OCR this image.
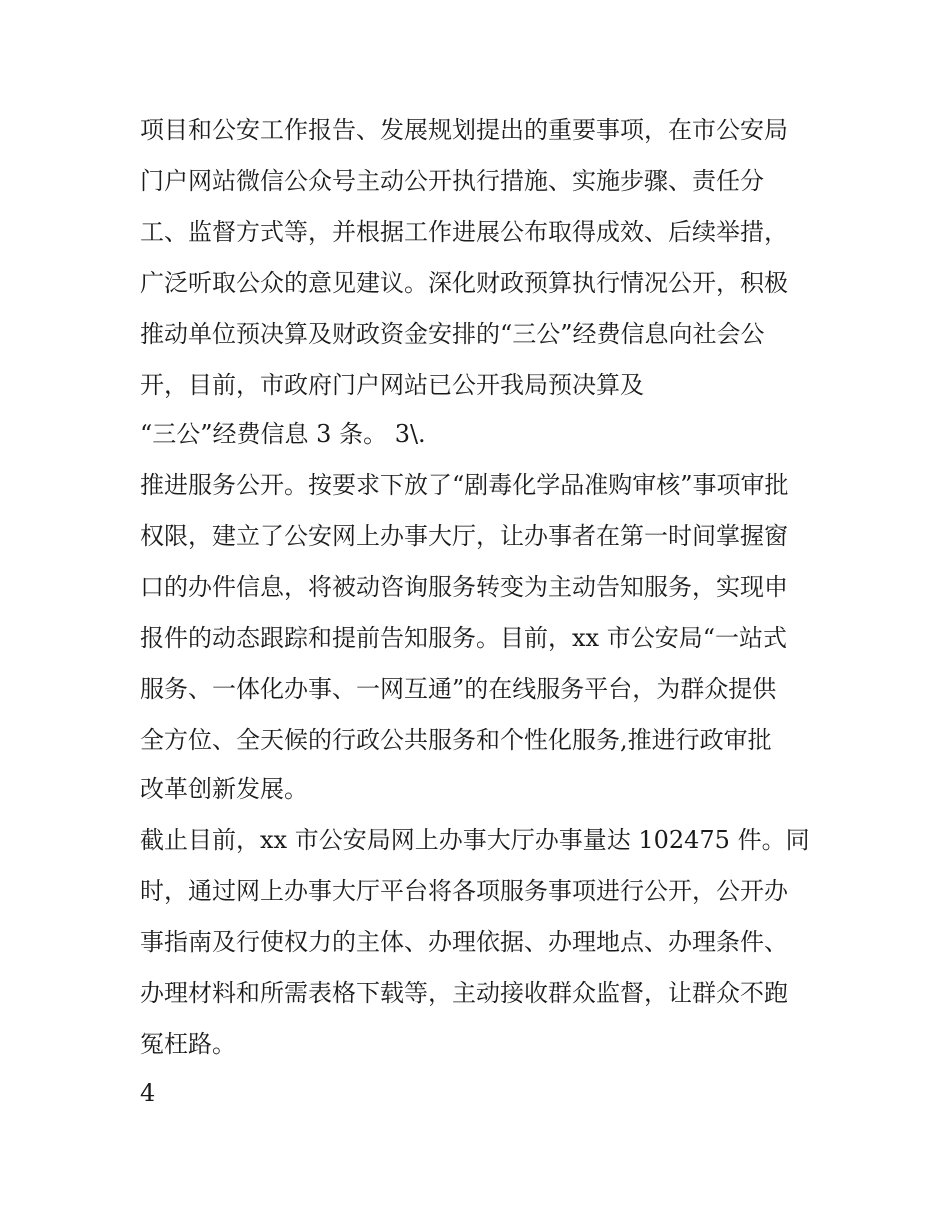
项目和公安工作报告、发展规划提出的重要事项，在市公安局
门户网站微信公众号主动公开执行措施、实施步骤、责任分
工、监督方式等，并根据工作进展公布取得成效、后续举措，
广泛听取公众的意见建议。深化财政预算执行情况公开，积极
推动单位预决算及财政资金安排的“三公”经费信息向社会公
开，目前，市政府门户网站已公开我局预决算及
“三公”经费信息 3 条。 3\.
推进服务公开。按要求下放了“剧毒化学品准购审核”事项审批
权限，建立了公安网上办事大厅，让办事者在第一时间掌握窗
口的办件信息，将被动咨询服务转变为主动告知服务，实现申
报件的动态跟踪和提前告知服务。目前，xx 市公安局“一站式
服务、一体化办事、一网互通”的在线服务平台，为群众提供
全方位、全天候的行政公共服务和个性化服务,推进行政审批
改革创新发展。
截止目前，xx 市公安局网上办事大厅办事量达 102475 件。同
时，通过网上办事大厅平台将各项服务事项进行公开，公开办
事指南及行使权力的主体、办理依据、办理地点、办理条件、
办理材料和所需表格下载等，主动接收群众监督，让群众不跑
冤枉路。
4
